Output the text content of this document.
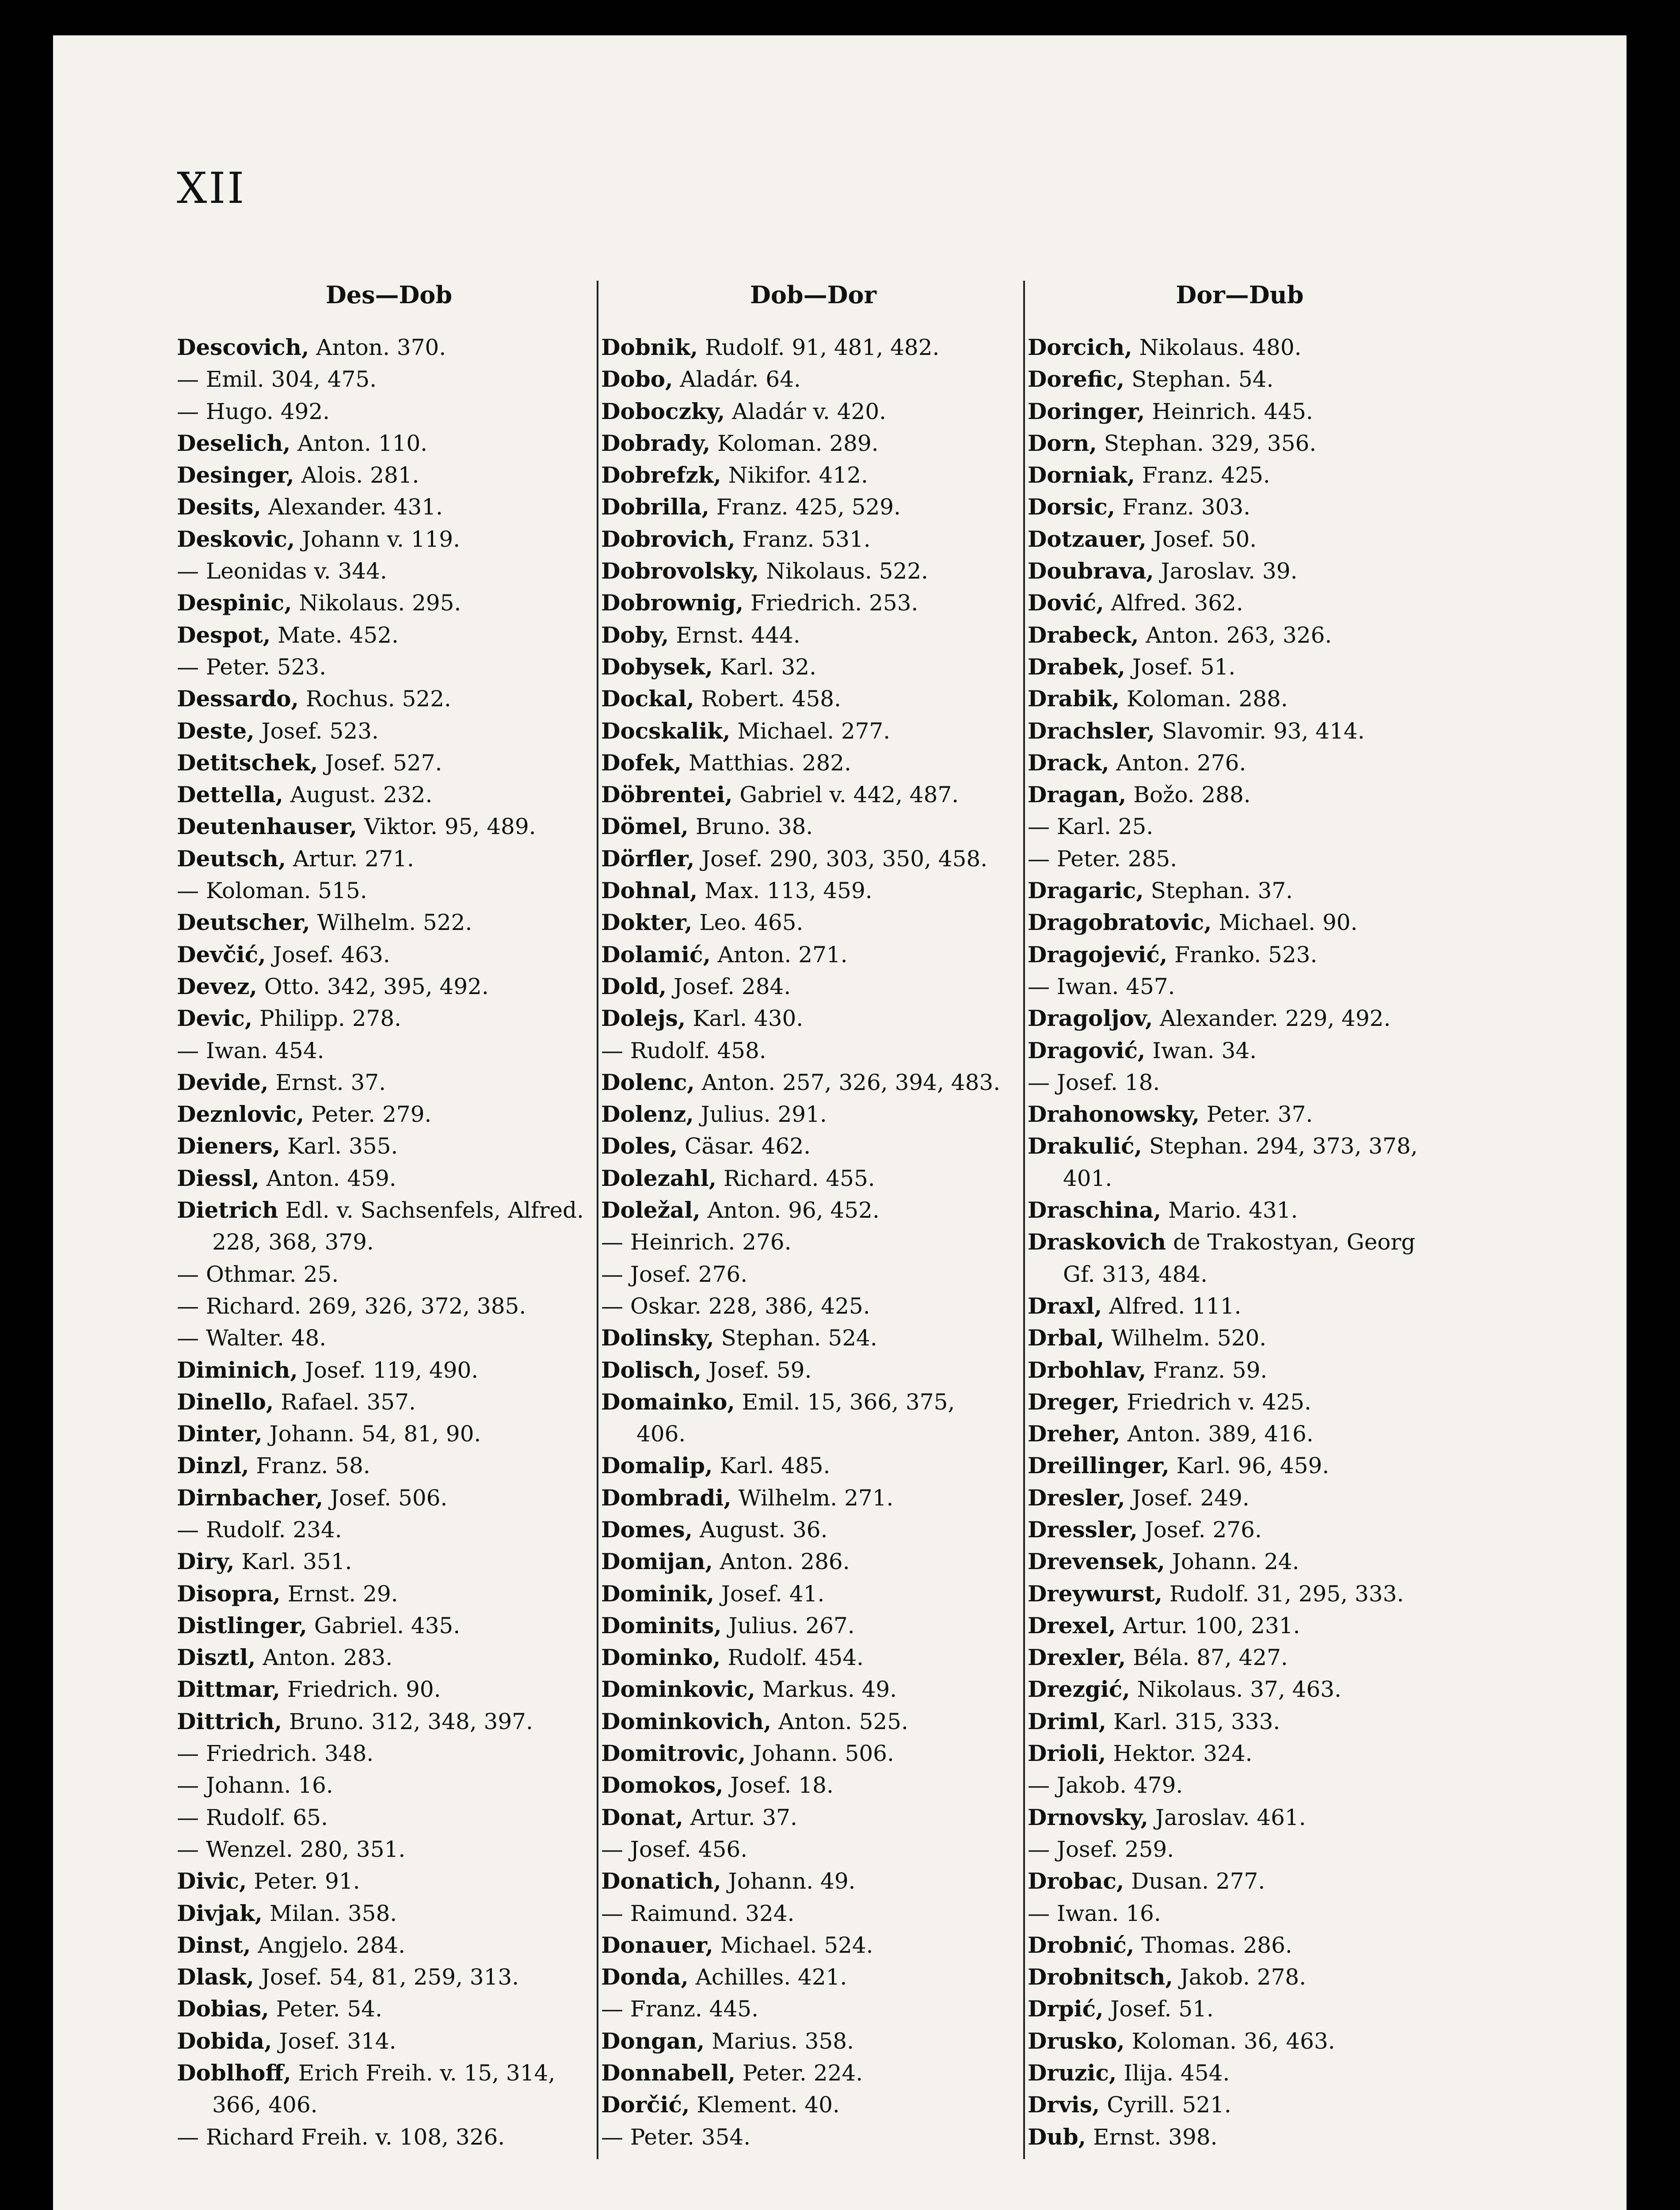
XII
Des—Dob
Descovich, Anton. 370.
— Emil. 304, 475.
— Hugo. 492.
Deselich, Anton. 110.
Desinger, Alois. 281.
Desits, Alexander. 431.
Deskovic, Johann v. 119.
— Leonidas v. 344.
Despinic, Nikolaus. 295.
Despot, Mate. 452.
— Peter. 523.
Dessardo, Rochus. 522.
Deste, Josef. 523.
Detitschek, Josef. 527.
Dettella, August. 232.
Deutenhauser, Viktor. 95, 489.
Deutsch, Artur. 271.
— Koloman. 515.
Deutscher, Wilhelm. 522.
Devčić, Josef. 463.
Devez, Otto. 342, 395, 492.
Devic, Philipp. 278.
— Iwan. 454.
Devide, Ernst. 37.
Deznlovic, Peter. 279.
Dieners, Karl. 355.
Diessl, Anton. 459.
Dietrich Edl. v. Sachsenfels, Alfred.
228, 368, 379.
— Othmar. 25.
— Richard. 269, 326, 372, 385.
— Walter. 48.
Diminich, Josef. 119, 490.
Dinello, Rafael. 357.
Dinter, Johann. 54, 81, 90.
Dinzl, Franz. 58.
Dirnbacher, Josef. 506.
— Rudolf. 234.
Diry, Karl. 351.
Disopra, Ernst. 29.
Distlinger, Gabriel. 435.
Disztl, Anton. 283.
Dittmar, Friedrich. 90.
Dittrich, Bruno. 312, 348, 397.
— Friedrich. 348.
— Johann. 16.
— Rudolf. 65.
— Wenzel. 280, 351.
Divic, Peter. 91.
Divjak, Milan. 358.
Dinst, Angjelo. 284.
Dlask, Josef. 54, 81, 259, 313.
Dobias, Peter. 54.
Dobida, Josef. 314.
Doblhoff, Erich Freih. v. 15, 314,
366, 406.
— Richard Freih. v. 108, 326.
Dob—Dor
Dobnik, Rudolf. 91, 481, 482.
Dobo, Aladár. 64.
Doboczky, Aladár v. 420.
Dobrady, Koloman. 289.
Dobrefzk, Nikifor. 412.
Dobrilla, Franz. 425, 529.
Dobrovich, Franz. 531.
Dobrovolsky, Nikolaus. 522.
Dobrownig, Friedrich. 253.
Doby, Ernst. 444.
Dobysek, Karl. 32.
Dockal, Robert. 458.
Docskalik, Michael. 277.
Dofek, Matthias. 282.
Döbrentei, Gabriel v. 442, 487.
Dömel, Bruno. 38.
Dörfler, Josef. 290, 303, 350, 458.
Dohnal, Max. 113, 459.
Dokter, Leo. 465.
Dolamić, Anton. 271.
Dold, Josef. 284.
Dolejs, Karl. 430.
— Rudolf. 458.
Dolenc, Anton. 257, 326, 394, 483.
Dolenz, Julius. 291.
Doles, Cäsar. 462.
Dolezahl, Richard. 455.
Doležal, Anton. 96, 452.
— Heinrich. 276.
— Josef. 276.
— Oskar. 228, 386, 425.
Dolinsky, Stephan. 524.
Dolisch, Josef. 59.
Domainko, Emil. 15, 366, 375,
406.
Domalip, Karl. 485.
Dombradi, Wilhelm. 271.
Domes, August. 36.
Domijan, Anton. 286.
Dominik, Josef. 41.
Dominits, Julius. 267.
Dominko, Rudolf. 454.
Dominkovic, Markus. 49.
Dominkovich, Anton. 525.
Domitrovic, Johann. 506.
Domokos, Josef. 18.
Donat, Artur. 37.
— Josef. 456.
Donatich, Johann. 49.
— Raimund. 324.
Donauer, Michael. 524.
Donda, Achilles. 421.
— Franz. 445.
Dongan, Marius. 358.
Donnabell, Peter. 224.
Dorčić, Klement. 40.
— Peter. 354.
Dor—Dub
Dorcich, Nikolaus. 480.
Dorefic, Stephan. 54.
Doringer, Heinrich. 445.
Dorn, Stephan. 329, 356.
Dorniak, Franz. 425.
Dorsic, Franz. 303.
Dotzauer, Josef. 50.
Doubrava, Jaroslav. 39.
Dović, Alfred. 362.
Drabeck, Anton. 263, 326.
Drabek, Josef. 51.
Drabik, Koloman. 288.
Drachsler, Slavomir. 93, 414.
Drack, Anton. 276.
Dragan, Božo. 288.
— Karl. 25.
— Peter. 285.
Dragaric, Stephan. 37.
Dragobratovic, Michael. 90.
Dragojević, Franko. 523.
— Iwan. 457.
Dragoljov, Alexander. 229, 492.
Dragović, Iwan. 34.
— Josef. 18.
Drahonowsky, Peter. 37.
Drakulić, Stephan. 294, 373, 378,
401.
Draschina, Mario. 431.
Draskovich de Trakostyan, Georg
Gf. 313, 484.
Draxl, Alfred. 111.
Drbal, Wilhelm. 520.
Drbohlav, Franz. 59.
Dreger, Friedrich v. 425.
Dreher, Anton. 389, 416.
Dreillinger, Karl. 96, 459.
Dresler, Josef. 249.
Dressler, Josef. 276.
Drevensek, Johann. 24.
Dreywurst, Rudolf. 31, 295, 333.
Drexel, Artur. 100, 231.
Drexler, Béla. 87, 427.
Drezgić, Nikolaus. 37, 463.
Driml, Karl. 315, 333.
Drioli, Hektor. 324.
— Jakob. 479.
Drnovsky, Jaroslav. 461.
— Josef. 259.
Drobac, Dusan. 277.
— Iwan. 16.
Drobnić, Thomas. 286.
Drobnitsch, Jakob. 278.
Drpić, Josef. 51.
Drusko, Koloman. 36, 463.
Druzic, Ilija. 454.
Drvis, Cyrill. 521.
Dub, Ernst. 398.
